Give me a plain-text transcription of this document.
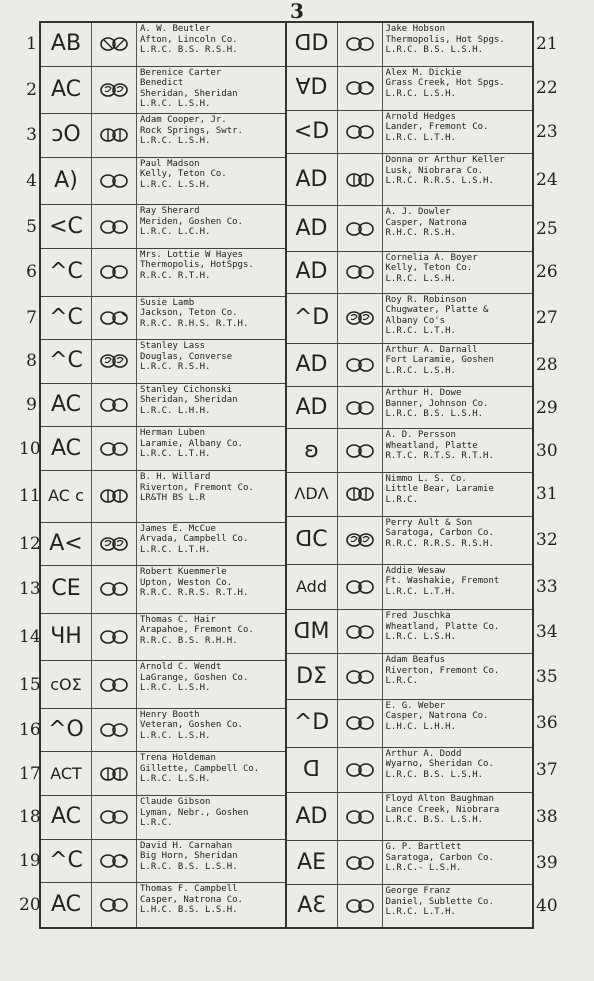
3
1 AB
A. W. Beutler
Afton, Lincoln Co.
L.R.C. B.S. R.S.H.
2 AC
Berenice Carter
Benedict
Sheridan, Sheridan
L.R.C. L.S.H.
3 ↄO
Adam Cooper, Jr.
Rock Springs, Swtr.
L.R.C. L.S.H.
4 A)
Paul Madson
Kelly, Teton Co.
L.R.C. L.S.H.
5 <C
Ray Sherard
Meriden, Goshen Co.
L.R.C. L.C.H.
6 ^C
Mrs. Lottie W Hayes
Thermopolis, HotSpgs.
R.R.C. R.T.H.
7 ^C
Susie Lamb
Jackson, Teton Co.
R.R.C. R.H.S. R.T.H.
8 ^C
Stanley Lass
Douglas, Converse
L.R.C. R.S.H.
9 AC
Stanley Cichonski
Sheridan, Sheridan
L.R.C. L.H.H.
10 AC
Herman Luben
Laramie, Albany Co.
L.R.C. L.T.H.
11 AC c
B. H. Willard
Riverton, Fremont Co.
LR&TH BS L.R
12 A<
James E. McCue
Arvada, Campbell Co.
L.R.C. L.T.H.
13 CE
Robert Kuemmerle
Upton, Weston Co.
R.R.C. R.R.S. R.T.H.
14 ЧH
Thomas C. Hair
Arapahoe, Fremont Co.
R.R.C. B.S. R.H.H.
15 ᴄOΣ
Arnold C. Wendt
LaGrange, Goshen Co.
L.R.C. L.S.H.
16 ^O
Henry Booth
Veteran, Goshen Co.
L.R.C. L.S.H.
17 ACT
Trena Holdeman
Gillette, Campbell Co.
L.R.C. L.S.H.
18 AC
Claude Gibson
Lyman, Nebr., Goshen
L.R.C.
19 ^C
David H. Carnahan
Big Horn, Sheridan
L.R.C. B.S. L.S.H.
20 AC
Thomas F. Campbell
Casper, Natrona Co.
L.H.C. B.S. L.S.H.
21
ᗡD
Jake Hobson
Thermopolis, Hot Spgs.
L.R.C. B.S. L.S.H.
22
∀D
Alex M. Dickie
Grass Creek, Hot Spgs.
L.R.C. L.S.H.
23
<D
Arnold Hedges
Lander, Fremont Co.
L.R.C. L.T.H.
24
AD
Donna or Arthur Keller
Lusk, Niobrara Co.
L.R.C. R.R.S. L.S.H.
25
AD
A. J. Dowler
Casper, Natrona
R.H.C. R.S.H.
26
AD
Cornelia A. Boyer
Kelly, Teton Co.
L.R.C. L.S.H.
27
^D
Roy R. Robinson
Chugwater, Platte &
Albany Co's
L.R.C. L.T.H.
28
AD
Arthur A. Darnall
Fort Laramie, Goshen
L.R.C. L.S.H.
29
AD
Arthur H. Dowe
Banner, Johnson Co.
L.R.C. B.S. L.S.H.
30
ʚ
A. D. Persson
Wheatland, Platte
R.T.C. R.T.S. R.T.H.
31
ΛDΛ
Nimmo L. S. Co.
Little Bear, Laramie
L.R.C.
32
ᗡC
Perry Ault & Son
Saratoga, Carbon Co.
R.R.C. R.R.S. R.S.H.
33
Add
Addie Wesaw
Ft. Washakie, Fremont
L.R.C. L.T.H.
34
ᗡM
Fred Juschka
Wheatland, Platte Co.
L.R.C. L.S.H.
35
DΣ
Adam Beafus
Riverton, Fremont Co.
L.R.C.
36
^D
E. G. Weber
Casper, Natrona Co.
L.H.C. L.H.H.
37
ᗡ
Arthur A. Dodd
Wyarno, Sheridan Co.
L.R.C. B.S. L.S.H.
38
AD
Floyd Alton Baughman
Lance Creek, Niobrara
L.R.C. B.S. L.S.H.
39
AE
G. P. Bartlett
Saratoga, Carbon Co.
L.R.C.- L.S.H.
40
AƐ
George Franz
Daniel, Sublette Co.
L.R.C. L.T.H.
